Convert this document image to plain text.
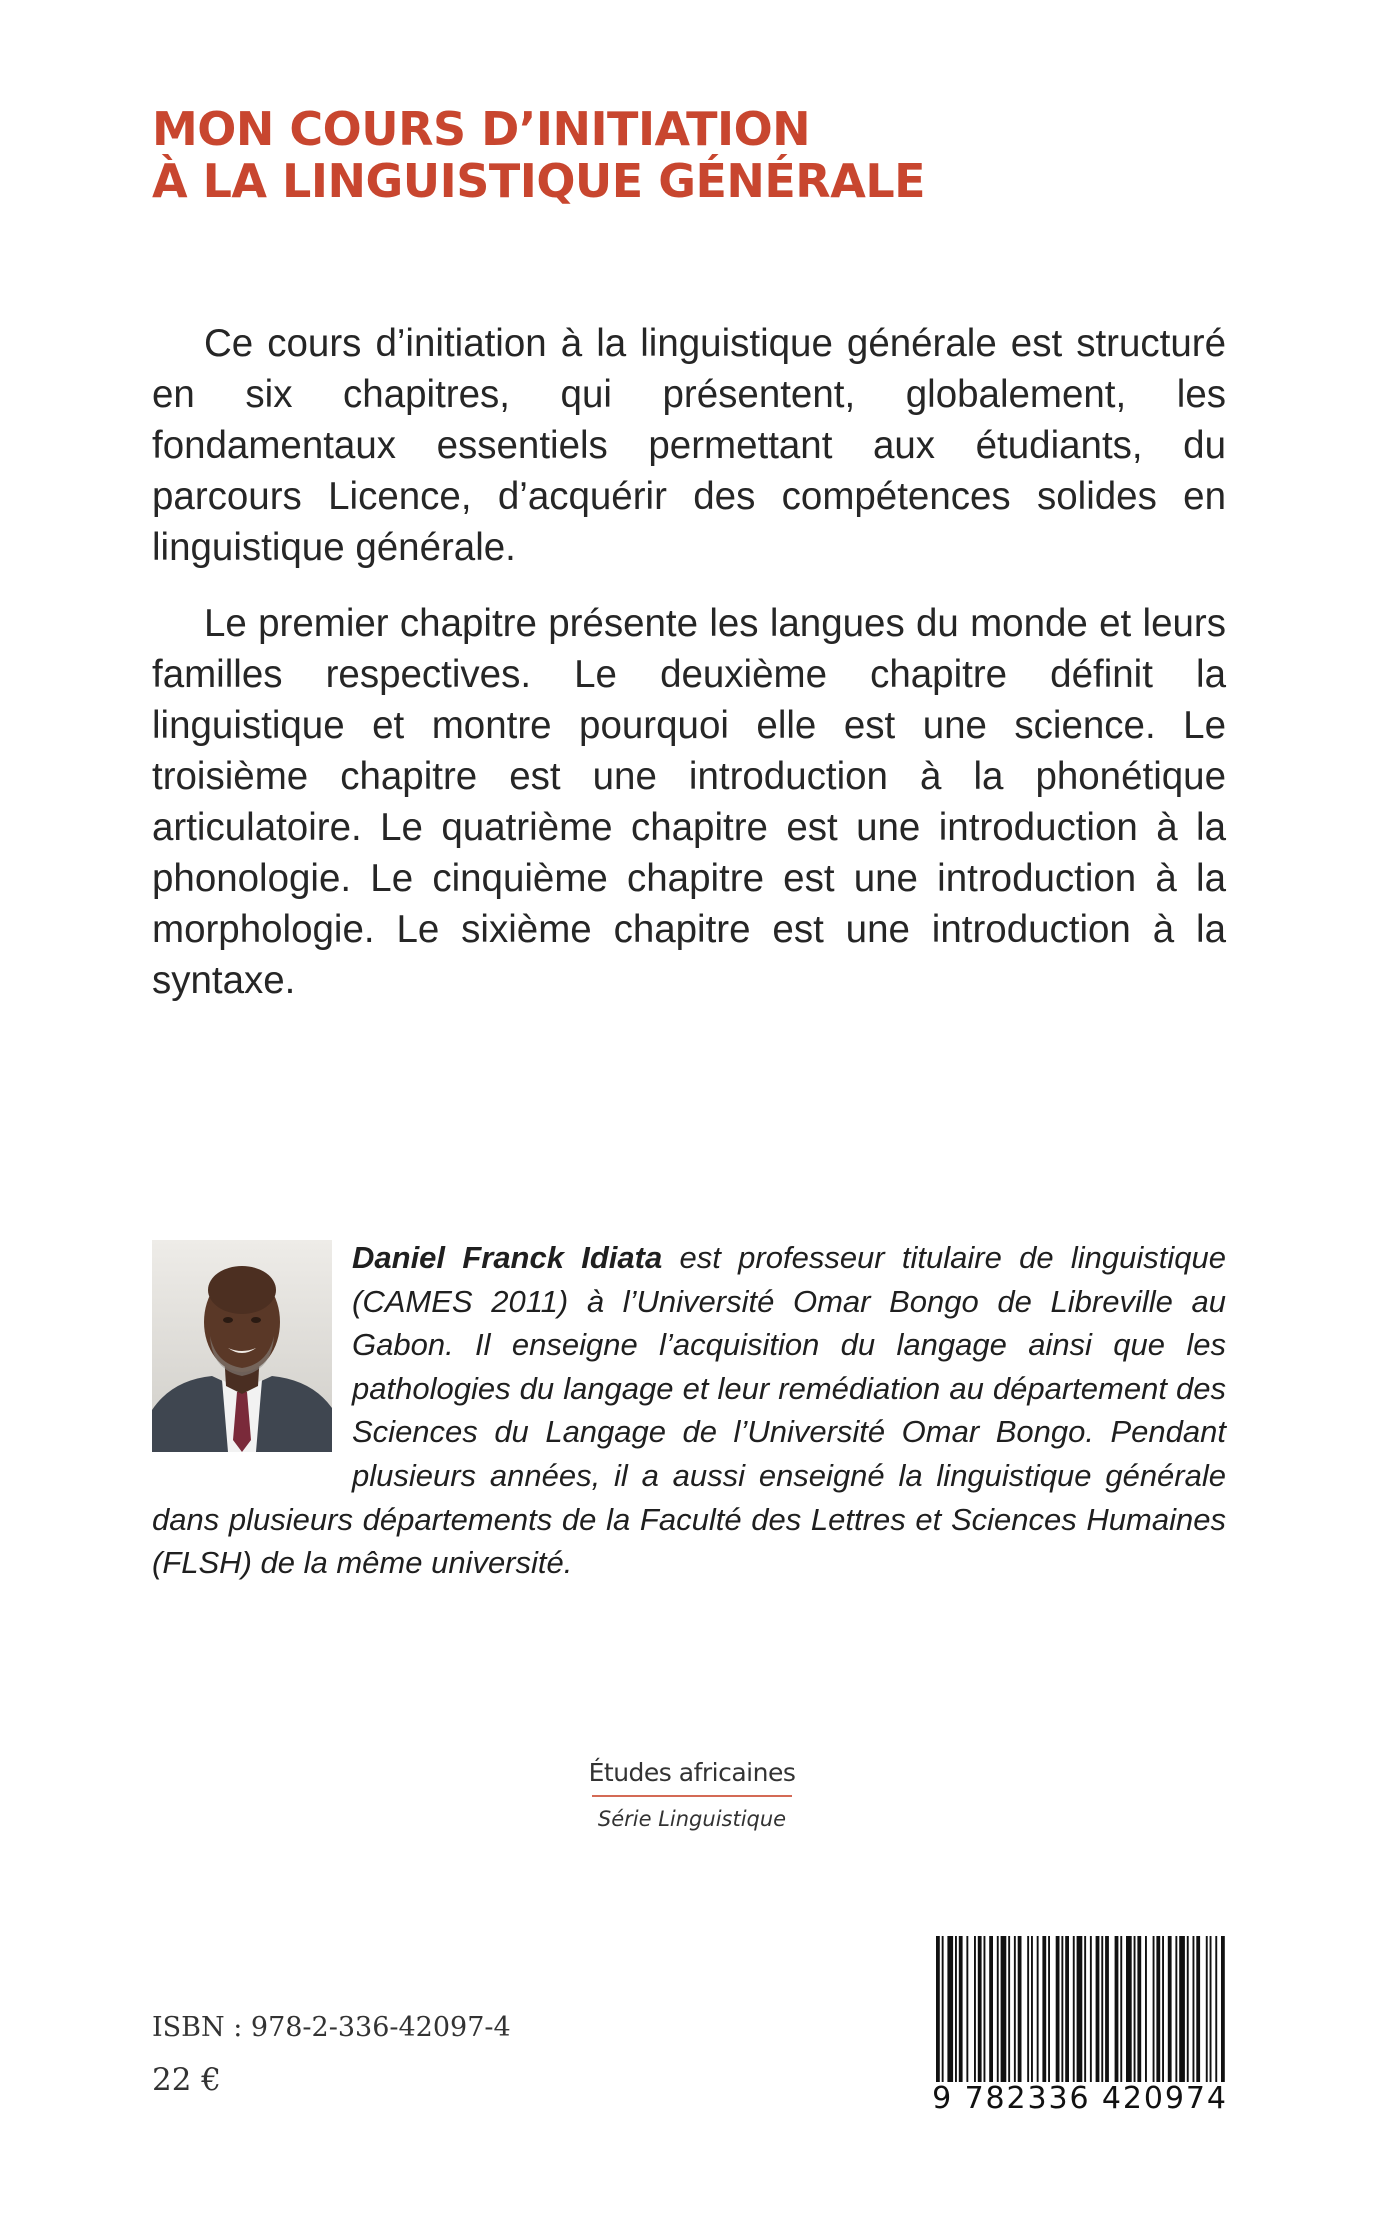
MON COURS D’INITIATION
À LA LINGUISTIQUE GÉNÉRALE

Ce cours d’initiation à la linguistique générale est structuré en six chapitres, qui présentent, globalement, les fondamentaux essentiels permettant aux étudiants, du parcours Licence, d’acquérir des compétences solides en linguistique générale.

Le premier chapitre présente les langues du monde et leurs familles respectives. Le deuxième chapitre définit la linguistique et montre pourquoi elle est une science. Le troisième chapitre est une introduction à la phonétique articulatoire. Le quatrième chapitre est une introduction à la phonologie. Le cinquième chapitre est une introduction à la morphologie. Le sixième chapitre est une introduction à la syntaxe.

Daniel Franck Idiata est professeur titulaire de linguistique (CAMES 2011) à l’Université Omar Bongo de Libreville au Gabon. Il enseigne l’acquisition du langage ainsi que les pathologies du langage et leur remédiation au département des Sciences du Langage de l’Université Omar Bongo. Pendant plusieurs années, il a aussi enseigné la linguistique générale dans plusieurs départements de la Faculté des Lettres et Sciences Humaines (FLSH) de la même université.

Études africaines
Série Linguistique
ISBN : 978-2-336-42097-4
22 €
9 782336 420974
